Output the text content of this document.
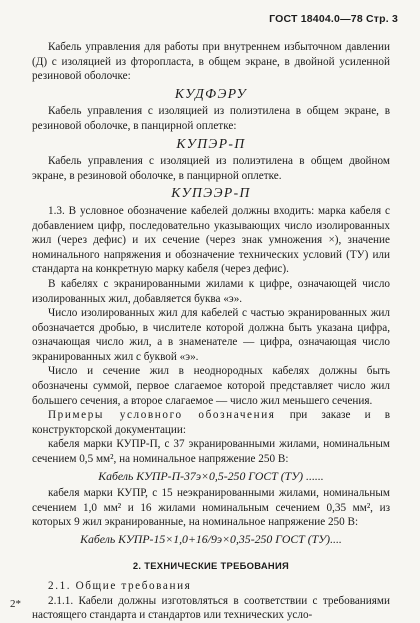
ГОСТ 18404.0—78 Стр. 3

Кабель управления для работы при внутреннем избыточном давлении (Д) с изоляцией из фторопласта, в общем экране, в двойной усиленной резиновой оболочке:

КУДФЭРУ

Кабель управления с изоляцией из полиэтилена в общем экране, в резиновой оболочке, в панцирной оплетке:

КУПЭР-П

Кабель управления с изоляцией из полиэтилена в общем двойном экране, в резиновой оболочке, в панцирной оплетке.

КУПЭЭР-П

1.3. В условное обозначение кабелей должны входить: марка кабеля с добавлением цифр, последовательно указывающих число изолированных жил (через дефис) и их сечение (через знак умножения ×), значение номинального напряжения и обозначение технических условий (ТУ) или стандарта на конкретную марку кабеля (через дефис).

В кабелях с экранированными жилами к цифре, означающей число изолированных жил, добавляется буква «э».

Число изолированных жил для кабелей с частью экранированных жил обозначается дробью, в числителе которой должна быть указана цифра, означающая число жил, а в знаменателе — цифра, означающая число экранированных жил с буквой «э».

Число и сечение жил в неоднородных кабелях должны быть обозначены суммой, первое слагаемое которой представляет число жил большего сечения, а второе слагаемое — число жил меньшего сечения.

Примеры условного обозначения при заказе и в конструкторской документации:

кабеля марки КУПР-П, с 37 экранированными жилами, номинальным сечением 0,5 мм², на номинальное напряжение 250 В:

Кабель КУПР-П-37э×0,5-250 ГОСТ (ТУ) ......

кабеля марки КУПР, с 15 неэкранированными жилами, номинальным сечением 1,0 мм² и 16 жилами номинальным сечением 0,35 мм², из которых 9 жил экранированные, на номинальное напряжение 250 В:

Кабель КУПР-15×1,0+16/9э×0,35-250 ГОСТ (ТУ)....
2. ТЕХНИЧЕСКИЕ ТРЕБОВАНИЯ

2.1. Общие требования

2.1.1. Кабели должны изготовляться в соответствии с требованиями настоящего стандарта и стандартов или технических усло-

2*
